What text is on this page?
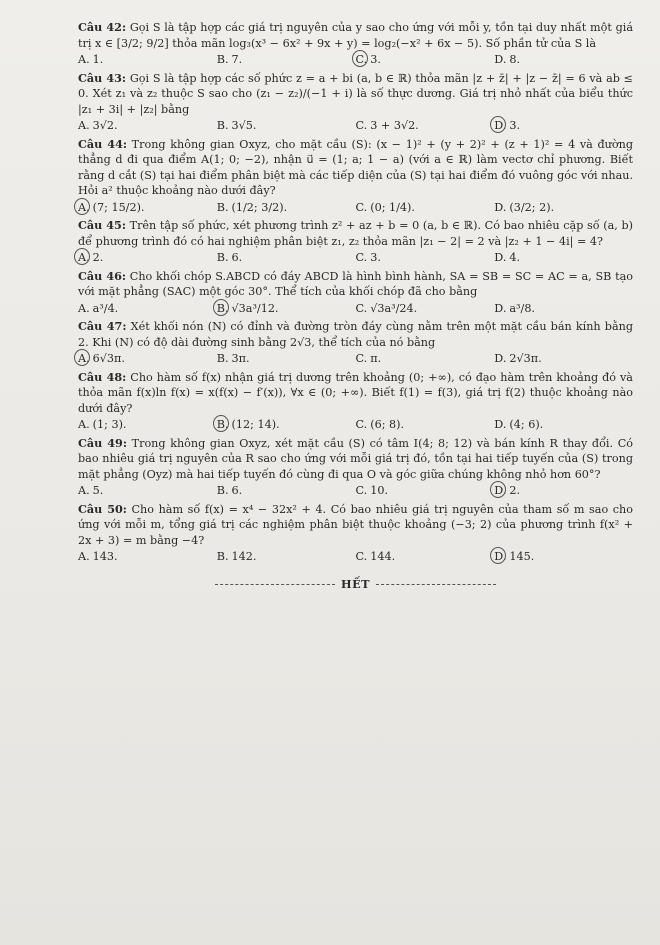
Câu 42: Gọi S là tập hợp các giá trị nguyên của y sao cho ứng với mỗi y, tồn tại duy nhất một giá trị x ∈ [3/2; 9/2] thỏa mãn log₃(x³ − 6x² + 9x + y) = log₂(−x² + 6x − 5). Số phần tử của S là
A. 1.	B. 7.	C. 3.	D. 8.
Câu 43: Gọi S là tập hợp các số phức z = a + bi (a, b ∈ ℝ) thỏa mãn |z + z̄| + |z − z̄| = 6 và ab ≤ 0. Xét z₁ và z₂ thuộc S sao cho (z₁ − z₂)/(−1 + i) là số thực dương. Giá trị nhỏ nhất của biểu thức |z₁ + 3i| + |z₂| bằng
A. 3√2.	B. 3√5.	C. 3 + 3√2.	D. 3.
Câu 44: Trong không gian Oxyz, cho mặt cầu (S): (x − 1)² + (y + 2)² + (z + 1)² = 4 và đường thẳng d đi qua điểm A(1; 0; −2), nhận u⃗ = (1; a; 1 − a) (với a ∈ ℝ) làm vectơ chỉ phương. Biết rằng d cắt (S) tại hai điểm phân biệt mà các tiếp diện của (S) tại hai điểm đó vuông góc với nhau. Hỏi a² thuộc khoảng nào dưới đây?
A. (7; 15/2).	B. (1/2; 3/2).	C. (0; 1/4).	D. (3/2; 2).
Câu 45: Trên tập số phức, xét phương trình z² + az + b = 0 (a, b ∈ ℝ). Có bao nhiêu cặp số (a, b) để phương trình đó có hai nghiệm phân biệt z₁, z₂ thỏa mãn |z₁ − 2| = 2 và |z₂ + 1 − 4i| = 4?
A. 2.	B. 6.	C. 3.	D. 4.
Câu 46: Cho khối chóp S.ABCD có đáy ABCD là hình bình hành, SA = SB = SC = AC = a, SB tạo với mặt phẳng (SAC) một góc 30°. Thể tích của khối chóp đã cho bằng
A. a³/4.	B. √3a³/12.	C. √3a³/24.	D. a³/8.
Câu 47: Xét khối nón (N) có đỉnh và đường tròn đáy cùng nằm trên một mặt cầu bán kính bằng 2. Khi (N) có độ dài đường sinh bằng 2√3, thể tích của nó bằng
A. 6√3π.	B. 3π.	C. π.	D. 2√3π.
Câu 48: Cho hàm số f(x) nhận giá trị dương trên khoảng (0; +∞), có đạo hàm trên khoảng đó và thỏa mãn f(x)ln f(x) = x(f(x) − f′(x)), ∀x ∈ (0; +∞). Biết f(1) = f(3), giá trị f(2) thuộc khoảng nào dưới đây?
A. (1; 3).	B. (12; 14).	C. (6; 8).	D. (4; 6).
Câu 49: Trong không gian Oxyz, xét mặt cầu (S) có tâm I(4; 8; 12) và bán kính R thay đổi. Có bao nhiêu giá trị nguyên của R sao cho ứng với mỗi giá trị đó, tồn tại hai tiếp tuyến của (S) trong mặt phẳng (Oyz) mà hai tiếp tuyến đó cùng đi qua O và góc giữa chúng không nhỏ hơn 60°?
A. 5.	B. 6.	C. 10.	D. 2.
Câu 50: Cho hàm số f(x) = x⁴ − 32x² + 4. Có bao nhiêu giá trị nguyên của tham số m sao cho ứng với mỗi m, tổng giá trị các nghiệm phân biệt thuộc khoảng (−3; 2) của phương trình f(x² + 2x + 3) = m bằng −4?
A. 143.	B. 142.	C. 144.	D. 145.
HẾT
